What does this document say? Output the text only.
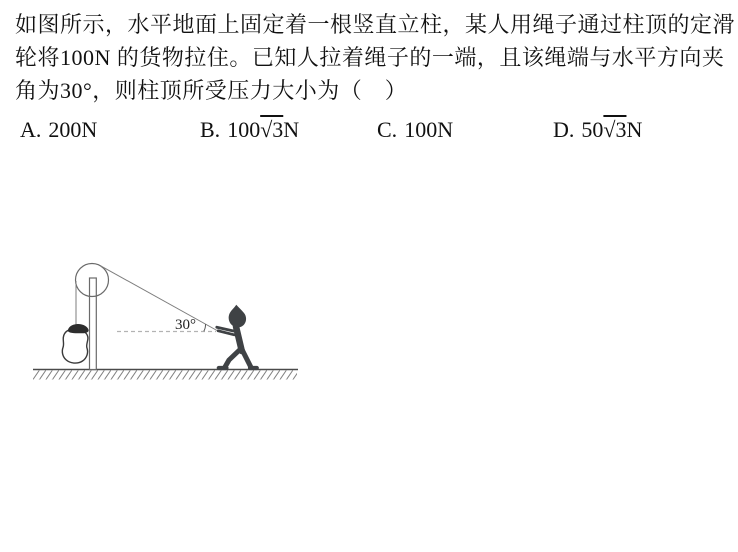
如图所示，水平地面上固定着一根竖直立柱，某人用绳子通过柱顶的定滑
轮将100N 的货物拉住。已知人拉着绳子的一端，且该绳端与水平方向夹
角为30°，则柱顶所受压力大小为（　）
A. 200N	B. 100√3N	C. 100N	D. 50√3N
30°
